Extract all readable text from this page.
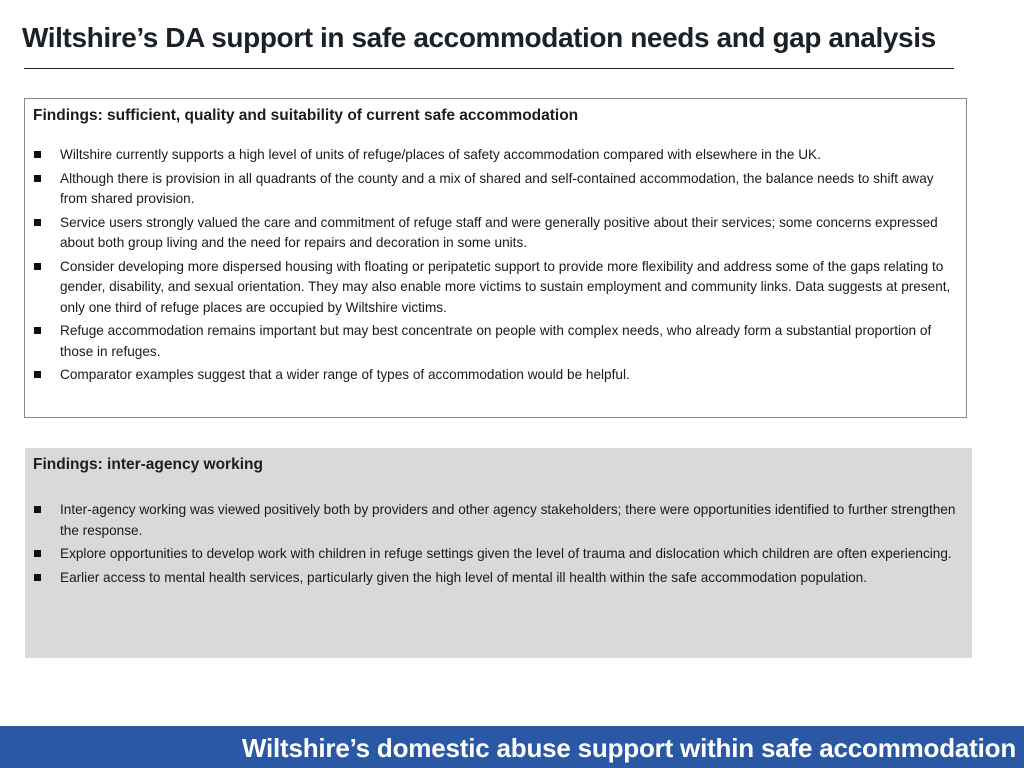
Wiltshire’s DA support in safe accommodation needs and gap analysis

Findings: sufficient, quality and suitability of current safe accommodation

Wiltshire currently supports a high level of units of refuge/places of safety accommodation compared with elsewhere in the UK.
Although there is provision in all quadrants of the county and a mix of shared and self-contained accommodation, the balance needs to shift away from shared provision.
Service users strongly valued the care and commitment of refuge staff and were generally positive about their services; some concerns expressed about both group living and the need for repairs and decoration in some units.
Consider developing more dispersed housing with floating or peripatetic support to provide more flexibility and address some of the gaps relating to gender, disability, and sexual orientation. They may also enable more victims to sustain employment and community links. Data suggests at present, only one third of refuge places are occupied by Wiltshire victims.
Refuge accommodation remains important but may best concentrate on people with complex needs, who already form a substantial proportion of those in refuges.
Comparator examples suggest that a wider range of types of accommodation would be helpful.

Findings: inter-agency working

Inter-agency working was viewed positively both by providers and other agency stakeholders; there were opportunities identified to further strengthen the response.
Explore opportunities to develop work with children in refuge settings given the level of trauma and dislocation which children are often experiencing.
Earlier access to mental health services, particularly given the high level of mental ill health within the safe accommodation population.
Wiltshire’s domestic abuse support within safe accommodation
